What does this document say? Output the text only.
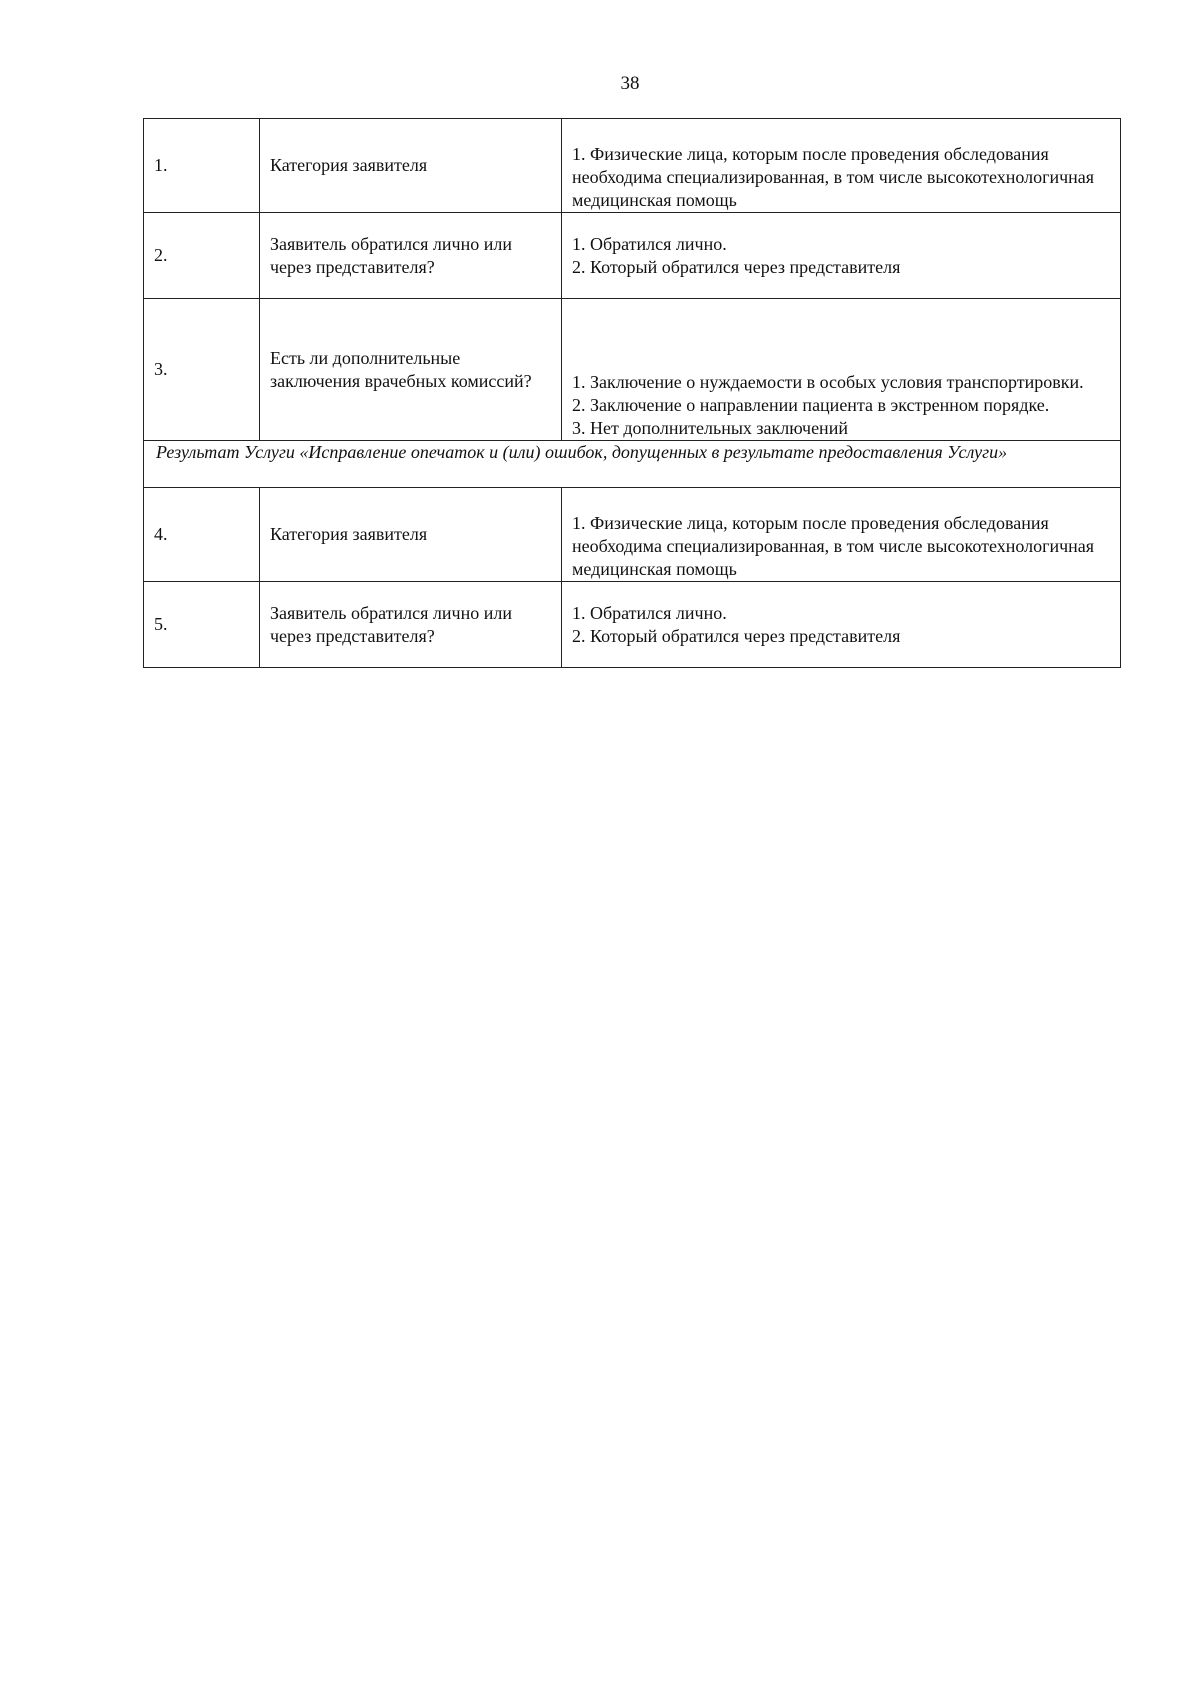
38
1.	Категория заявителя	1. Физические лица, которым после проведения обследования необходима специализированная, в том числе высокотехнологичная медицинская помощь

2.	Заявитель обратился лично или через представителя?	1. Обратился лично.
2. Который обратился через представителя

3.	Есть ли дополнительные заключения врачебных комиссий?	1. Заключение о нуждаемости в особых условия транспортировки.
2. Заключение о направлении пациента в экстренном порядке.
3. Нет дополнительных заключений

Результат Услуги «Исправление опечаток и (или) ошибок, допущенных в результате предоставления Услуги»		
4.	Категория заявителя	1. Физические лица, которым после проведения обследования необходима специализированная, в том числе высокотехнологичная медицинская помощь

5.	Заявитель обратился лично или через представителя?	1. Обратился лично.
2. Который обратился через представителя
